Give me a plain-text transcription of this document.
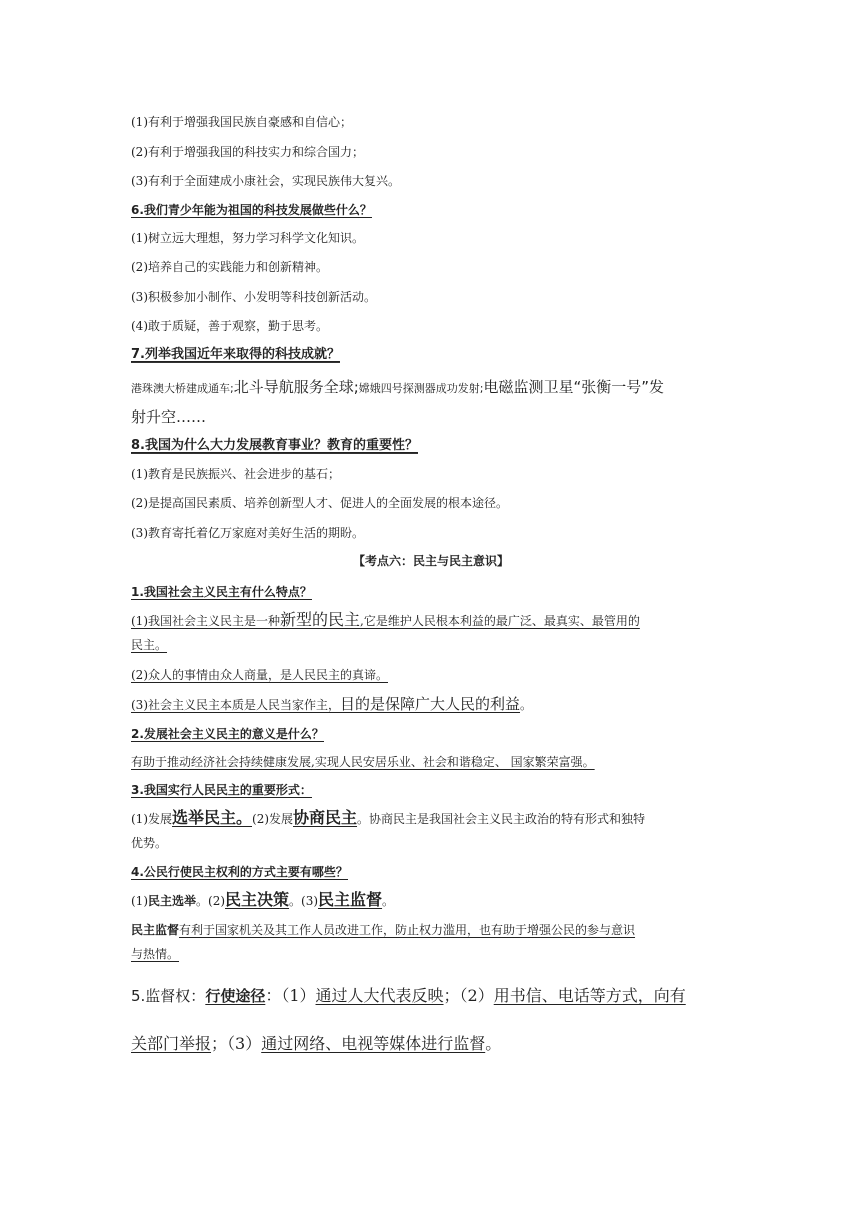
(1)有利于增强我国民族自豪感和自信心；

(2)有利于增强我国的科技实力和综合国力；

(3)有利于全面建成小康社会，实现民族伟大复兴。

6.我们青少年能为祖国的科技发展做些什么？

(1)树立远大理想，努力学习科学文化知识。

(2)培养自己的实践能力和创新精神。

(3)积极参加小制作、小发明等科技创新活动。

(4)敢于质疑，善于观察，勤于思考。

7.列举我国近年来取得的科技成就？

港珠澳大桥建成通车;北斗导航服务全球;嫦娥四号探测器成功发射;电磁监测卫星“张衡一号”发

射升空……

8.我国为什么大力发展教育事业？教育的重要性？

(1)教育是民族振兴、社会进步的基石；

(2)是提高国民素质、培养创新型人才、促进人的全面发展的根本途径。

(3)教育寄托着亿万家庭对美好生活的期盼。

【考点六：民主与民主意识】

1.我国社会主义民主有什么特点？

(1)我国社会主义民主是一种新型的民主,它是维护人民根本利益的最广泛、最真实、最管用的

民主。

(2)众人的事情由众人商量，是人民民主的真谛。

(3)社会主义民主本质是人民当家作主，目的是保障广大人民的利益。

2.发展社会主义民主的意义是什么？

有助于推动经济社会持续健康发展,实现人民安居乐业、社会和谐稳定、 国家繁荣富强。

3.我国实行人民民主的重要形式：

(1)发展选举民主。(2)发展协商民主。协商民主是我国社会主义民主政治的特有形式和独特

优势。

4.公民行使民主权利的方式主要有哪些？

(1)民主选举。(2)民主决策。(3)民主监督。

民主监督有利于国家机关及其工作人员改进工作，防止权力滥用，也有助于增强公民的参与意识

与热情。

5.监督权：行使途径：（1）通过人大代表反映；（2）用书信、电话等方式，向有

关部门举报；（3）通过网络、电视等媒体进行监督。
